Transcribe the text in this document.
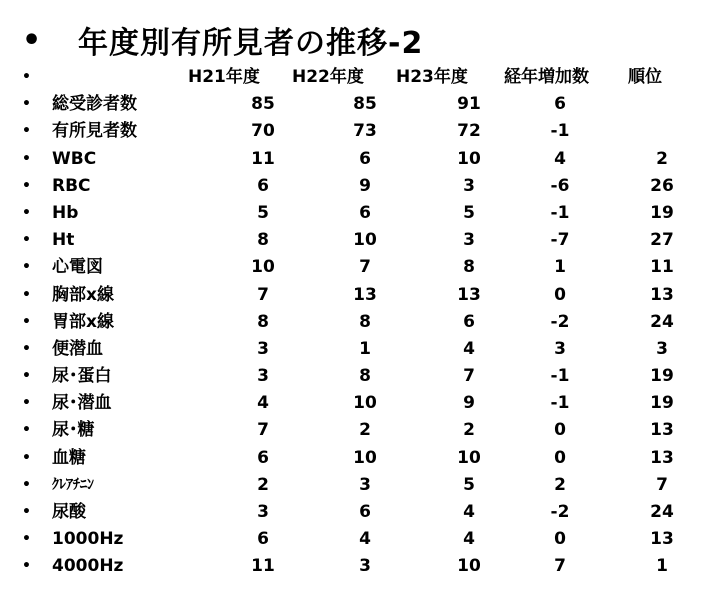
•	年度別有所見者の推移-2
•	H21年度 H22年度 H23年度 経年増加数 順位
• 総受診者数	85	85	91	6
• 有所見者数	70	73	72	-1
• WBC	11	6	10	4	2
• RBC	6	9	3	-6	26
• Hb	5	6	5	-1	19
• Ht	8	10	3	-7	27
• 心電図	10	7	8	1	11
• 胸部x線	7	13	13	0	13
• 胃部x線	8	8	6	-2	24
• 便潜血	3	1	4	3	3
• 尿･蛋白	3	8	7	-1	19
• 尿･潜血	4	10	9	-1	19
• 尿･糖	7	2	2	0	13
• 血糖	6	10	10	0	13
• ｸﾚｱﾁﾆﾝ	2	3	5	2	7
• 尿酸	3	6	4	-2	24
• 1000Hz	6	4	4	0	13
• 4000Hz	11	3	10	7	1
